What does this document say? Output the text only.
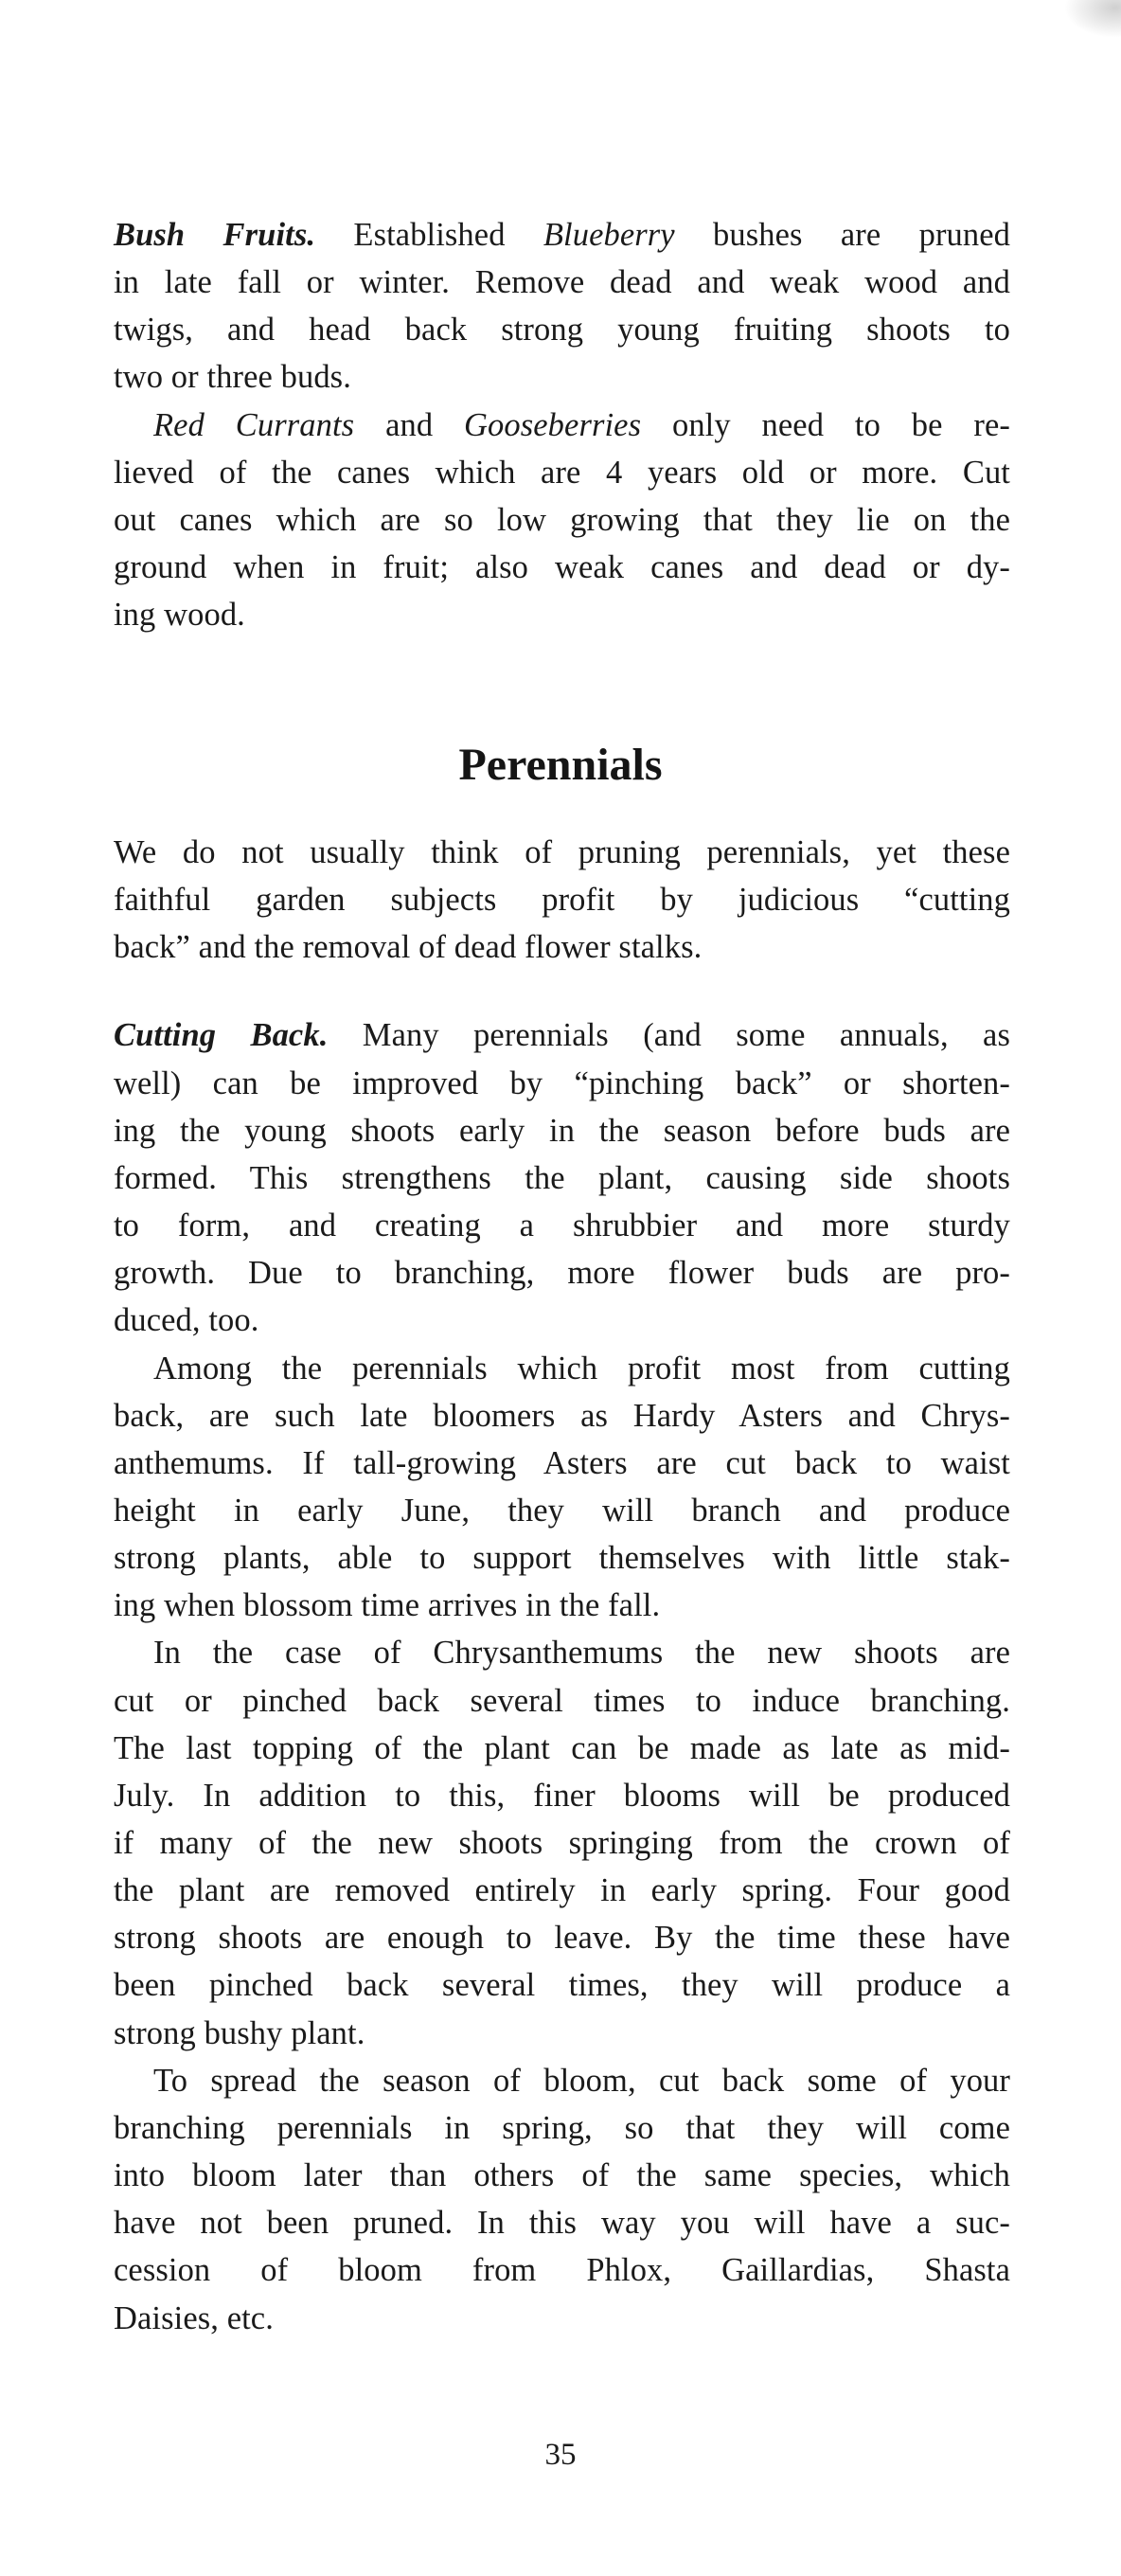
Bush Fruits. Established Blueberry bushes are pruned
in late fall or winter. Remove dead and weak wood and
twigs, and head back strong young fruiting shoots to
two or three buds.
Red Currants and Gooseberries only need to be re-
lieved of the canes which are 4 years old or more. Cut
out canes which are so low growing that they lie on the
ground when in fruit; also weak canes and dead or dy-
ing wood.
Perennials
We do not usually think of pruning perennials, yet these
faithful garden subjects profit by judicious “cutting
back” and the removal of dead flower stalks.
Cutting Back. Many perennials (and some annuals, as
well) can be improved by “pinching back” or shorten-
ing the young shoots early in the season before buds are
formed. This strengthens the plant, causing side shoots
to form, and creating a shrubbier and more sturdy
growth. Due to branching, more flower buds are pro-
duced, too.
Among the perennials which profit most from cutting
back, are such late bloomers as Hardy Asters and Chrys-
anthemums. If tall-growing Asters are cut back to waist
height in early June, they will branch and produce
strong plants, able to support themselves with little stak-
ing when blossom time arrives in the fall.
In the case of Chrysanthemums the new shoots are
cut or pinched back several times to induce branching.
The last topping of the plant can be made as late as mid-
July. In addition to this, finer blooms will be produced
if many of the new shoots springing from the crown of
the plant are removed entirely in early spring. Four good
strong shoots are enough to leave. By the time these have
been pinched back several times, they will produce a
strong bushy plant.
To spread the season of bloom, cut back some of your
branching perennials in spring, so that they will come
into bloom later than others of the same species, which
have not been pruned. In this way you will have a suc-
cession of bloom from Phlox, Gaillardias, Shasta
Daisies, etc.
35
